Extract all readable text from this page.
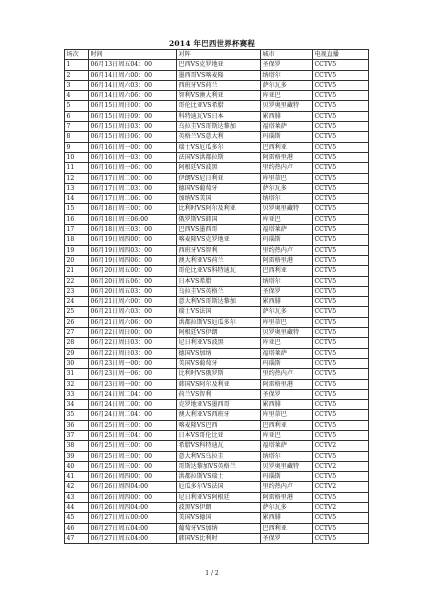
2014 年巴西世界杯赛程
场次	时间	对阵	城市	电视直播
1	06月13日周五04：00	巴西VS克罗地亚	圣保罗	CCTV5
2	06月14日周六00：00	墨西哥VS喀麦隆	纳塔尔	CCTV5
3	06月14日周六03：00	西班牙VS荷兰	萨尔瓦多	CCTV5
4	06月14日周六06：00	智利VS澳大利亚	库亚巴	CCTV5
5	06月15日周日00：00	哥伦比亚VS希腊	贝罗奥里藏特	CCTV5
6	06月15日周日09：00	科特迪瓦VS日本	累西腓	CCTV5
7	06月15日周日03：00	乌拉圭VS哥斯达黎加	福塔莱萨	CCTV5
8	06月15日周日06：00	英格兰VS意大利	玛瑙斯	CCTV5
9	06月16日周一00：00	瑞士VS厄瓜多尔	巴西利亚	CCTV5
10	06月16日周一03：00	法国VS洪都拉斯	阿雷格里港	CCTV5
11	06月16日周一06：00	阿根廷VS波黑	里约热内卢	CCTV5
12	06月17日周二00：00	伊朗VS尼日利亚	库里蒂巴	CCTV5
13	06月17日周二03：00	德国VS葡萄牙	萨尔瓦多	CCTV5
14	06月17日周二06：00	加纳VS美国	纳塔尔	CCTV5
15	06月18日周三00：00	比利时VS阿尔及利亚	贝罗奥里藏特	CCTV5
16	06月18日周三06:00	俄罗斯VS韩国	库亚巴	CCTV5
17	06月18日周三03：00	巴西VS墨西哥	福塔莱萨	CCTV5
18	06月19日周四00：00	喀麦隆VS克罗地亚	玛瑙斯	CCTV5
19	06月19日周四03：00	西班牙VS智利	里约热内卢	CCTV5
20	06月19日周四06：00	澳大利亚VS荷兰	阿雷格里港	CCTV5
21	06月20日周五00：00	哥伦比亚VS科特迪瓦	巴西利亚	CCTV5
22	06月20日周五06：00	日本VS希腊	纳塔尔	CCTV5
23	06月20日周五03：00	乌拉圭VS英格兰	圣保罗	CCTV5
24	06月21日周六00：00	意大利VS哥斯达黎加	累西腓	CCTV5
25	06月21日周六03：00	瑞士VS法国	萨尔瓦多	CCTV5
26	06月21日周六06：00	洪都拉斯VS厄瓜多尔	库里蒂巴	CCTV5
27	06月22日周日00：00	阿根廷VS伊朗	贝罗奥里藏特	CCTV5
28	06月22日周日03：00	尼日利亚VS波黑	库亚巴	CCTV5
29	06月22日周日03：00	德国VS加纳	福塔莱萨	CCTV5
30	06月23日周一00：00	美国VS葡萄牙	玛瑙斯	CCTV5
31	06月23日周一06：00	比利时VS俄罗斯	里约热内卢	CCTV5
32	06月23日周一00：00	韩国VS阿尔及利亚	阿雷格里港	CCTV5
33	06月24日周二04：00	荷兰VS智利	圣保罗	CCTV5
34	06月24日周二00：00	克罗地亚VS墨西哥	累西腓	CCTV5
35	06月24日周二04：00	澳大利亚VS西班牙	库里蒂巴	CCTV5
36	06月25日周三00：00	喀麦隆VS巴西	巴西利亚	CCTV5
37	06月25日周三04：00	日本VS哥伦比亚	库亚巴	CCTV5
38	06月25日周三00：00	希腊VS科特迪瓦	福塔莱萨	CCTV2
39	06月25日周三00：00	意大利VS乌拉圭	纳塔尔	CCTV5
40	06月25日周三00：00	哥斯达黎加VS英格兰	贝罗奥里藏特	CCTV2
41	06月26日周四00：00	洪都拉斯VS瑞士	玛瑙斯	CCTV5
42	06月26日周四04:00	厄瓜多尔VS法国	里约热内卢	CCTV2
43	06月26日周四00：00	尼日利亚VS阿根廷	阿雷格里港	CCTV5
44	06月26日周四04:00	波黑VS伊朗	萨尔瓦多	CCTV2
45	06月27日周五00:00	美国VS德国	累西腓	CCTV5
46	06月27日周五04:00	葡萄牙VS加纳	巴西利亚	CCTV5
47	06月27日周五04:00	韩国VS比利时	圣保罗	CCTV5
1 / 2
